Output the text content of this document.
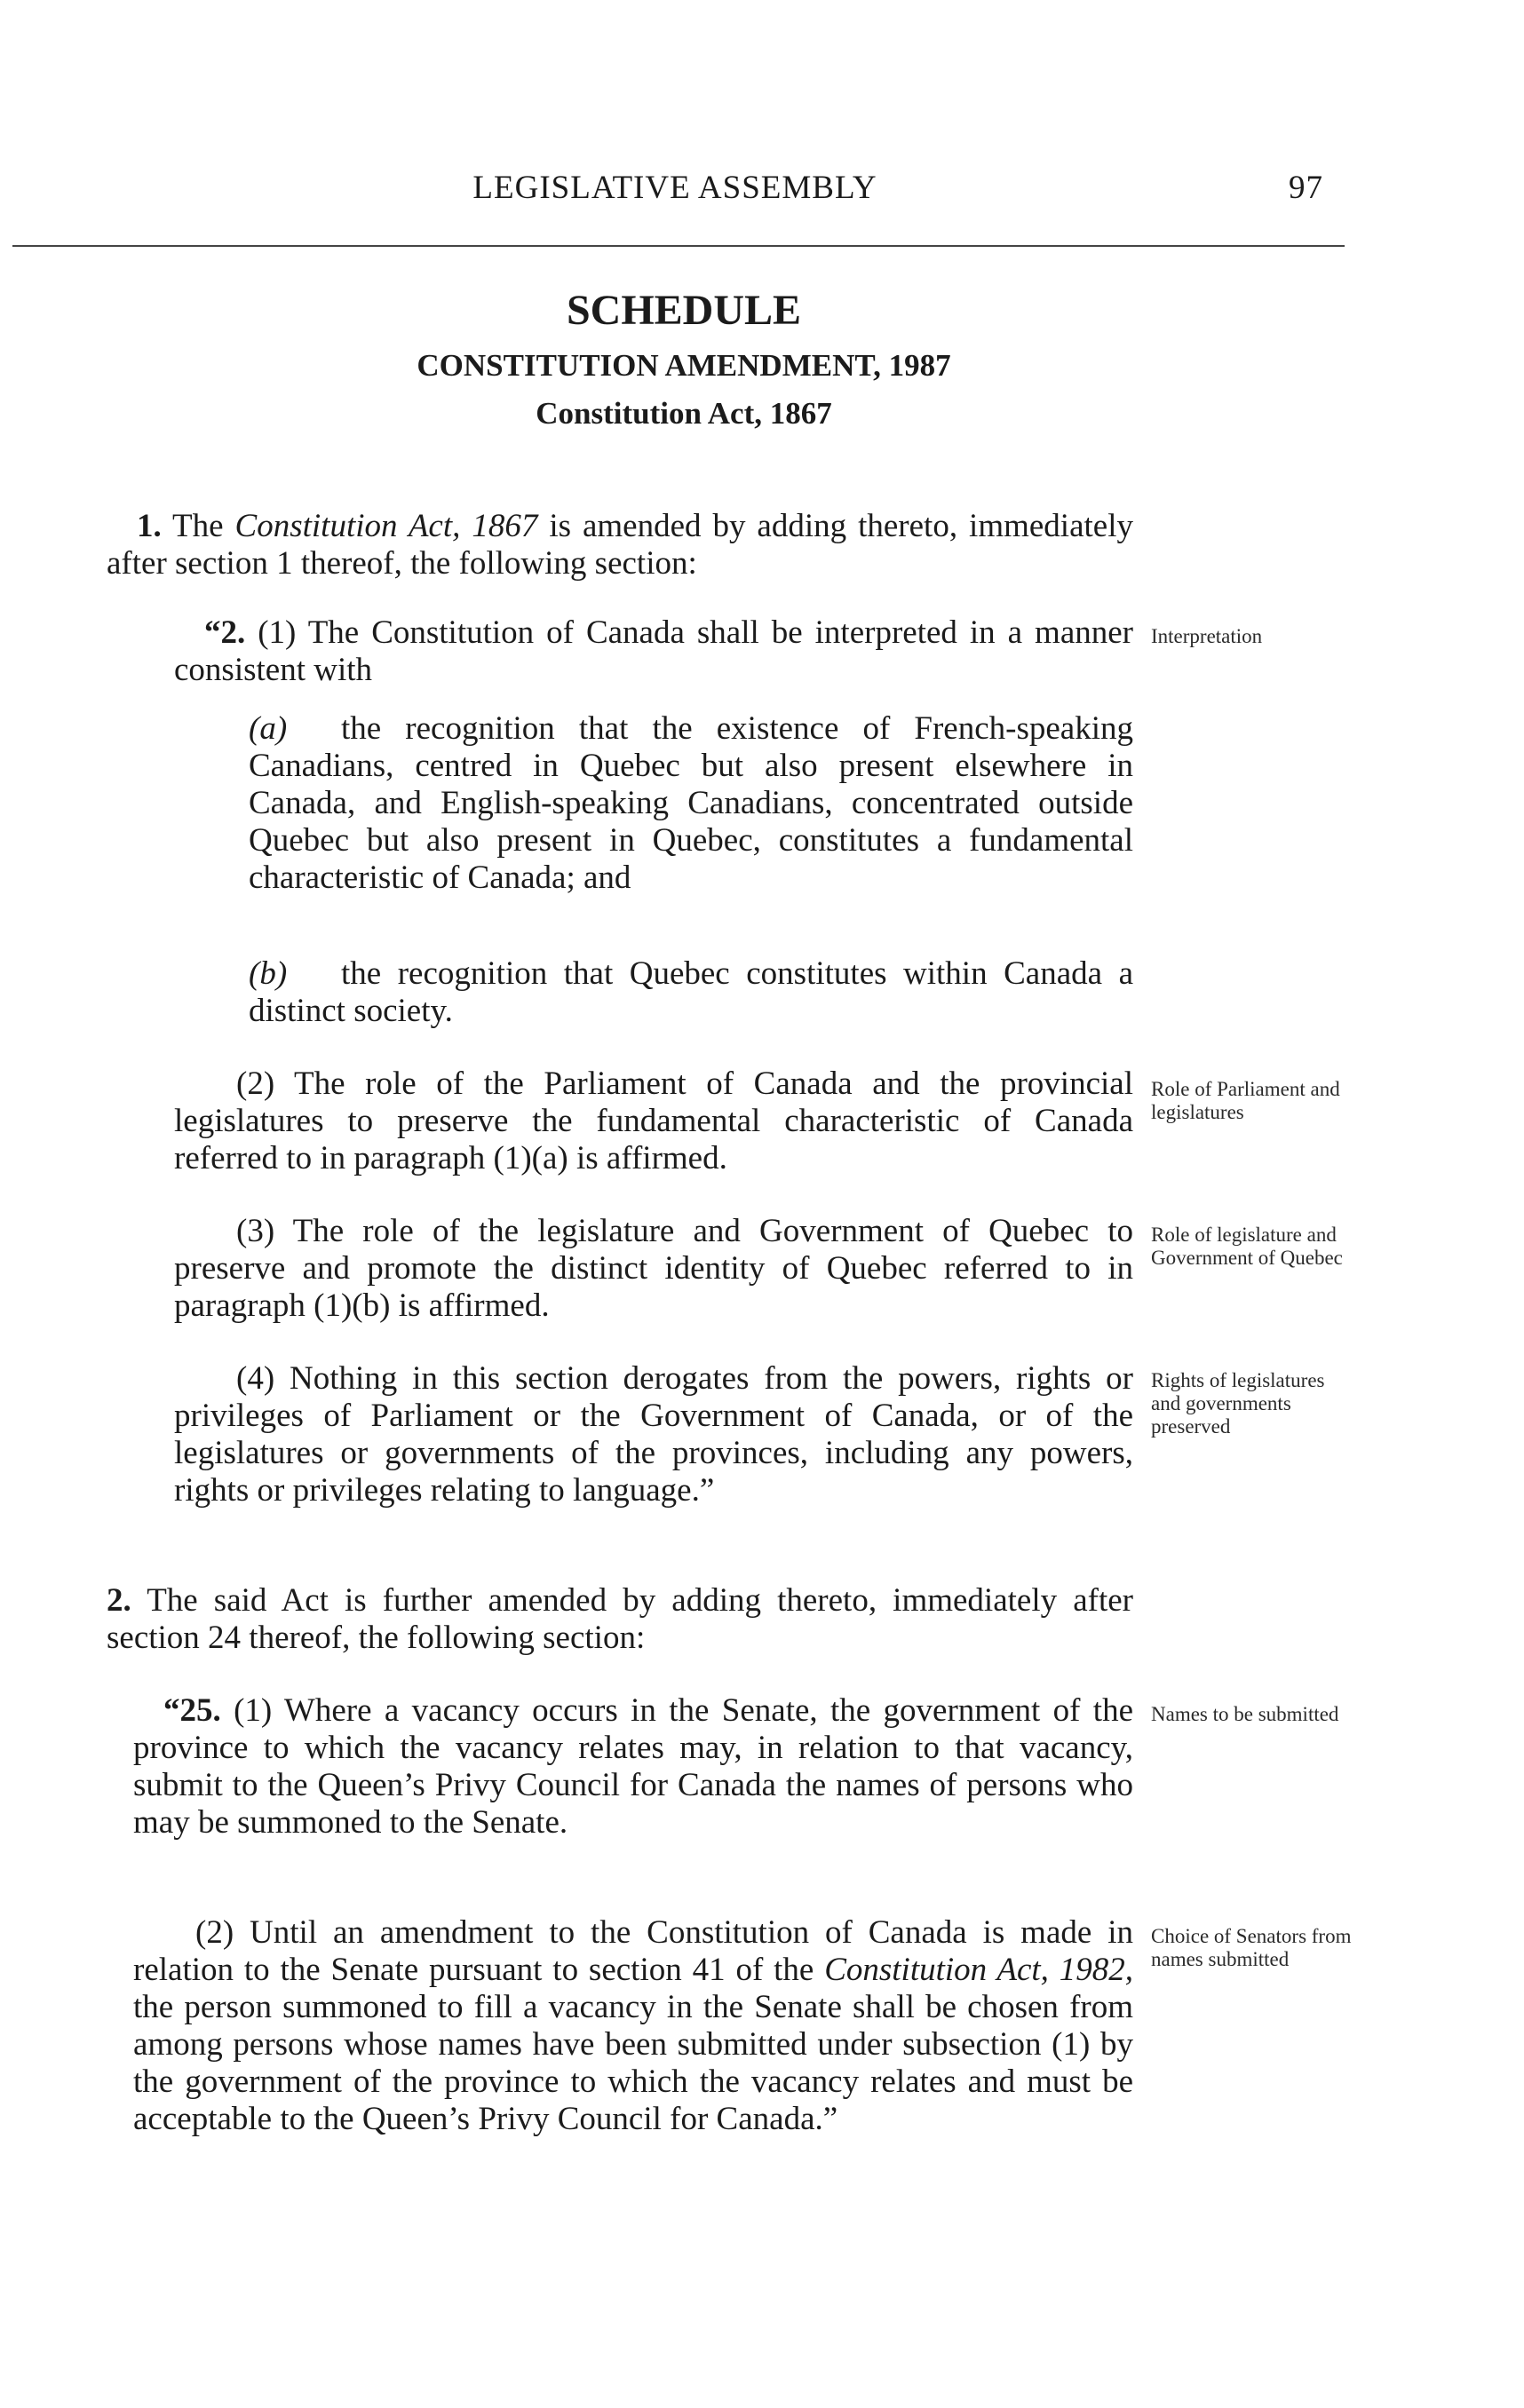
LEGISLATIVE ASSEMBLY	97
SCHEDULE
CONSTITUTION AMENDMENT, 1987
Constitution Act, 1867
1. The Constitution Act, 1867 is amended by adding thereto, immediately after section 1 thereof, the following section:
“2. (1) The Constitution of Canada shall be interpreted in a manner consistent with
(a) the recognition that the existence of French-speaking Canadians, centred in Quebec but also present elsewhere in Canada, and English-speaking Canadians, concentrated outside Quebec but also present in Quebec, constitutes a fundamental characteristic of Canada; and
(b) the recognition that Quebec constitutes within Canada a distinct society.
(2) The role of the Parliament of Canada and the provincial legislatures to preserve the fundamental characteristic of Canada referred to in paragraph (1)(a) is affirmed.
(3) The role of the legislature and Government of Quebec to preserve and promote the distinct identity of Quebec referred to in paragraph (1)(b) is affirmed.
(4) Nothing in this section derogates from the powers, rights or privileges of Parliament or the Government of Canada, or of the legislatures or governments of the provinces, including any powers, rights or privileges relating to language.”
2. The said Act is further amended by adding thereto, immediately after section 24 thereof, the following section:
“25. (1) Where a vacancy occurs in the Senate, the government of the province to which the vacancy relates may, in relation to that vacancy, submit to the Queen’s Privy Council for Canada the names of persons who may be summoned to the Senate.
(2) Until an amendment to the Constitution of Canada is made in relation to the Senate pursuant to section 41 of the Constitution Act, 1982, the person summoned to fill a vacancy in the Senate shall be chosen from among persons whose names have been submitted under subsection (1) by the government of the province to which the vacancy relates and must be acceptable to the Queen’s Privy Council for Canada.”
Interpretation
Role of Parliament and legislatures
Role of legislature and Government of Quebec
Rights of legislatures and governments preserved
Names to be submitted
Choice of Senators from names submitted
